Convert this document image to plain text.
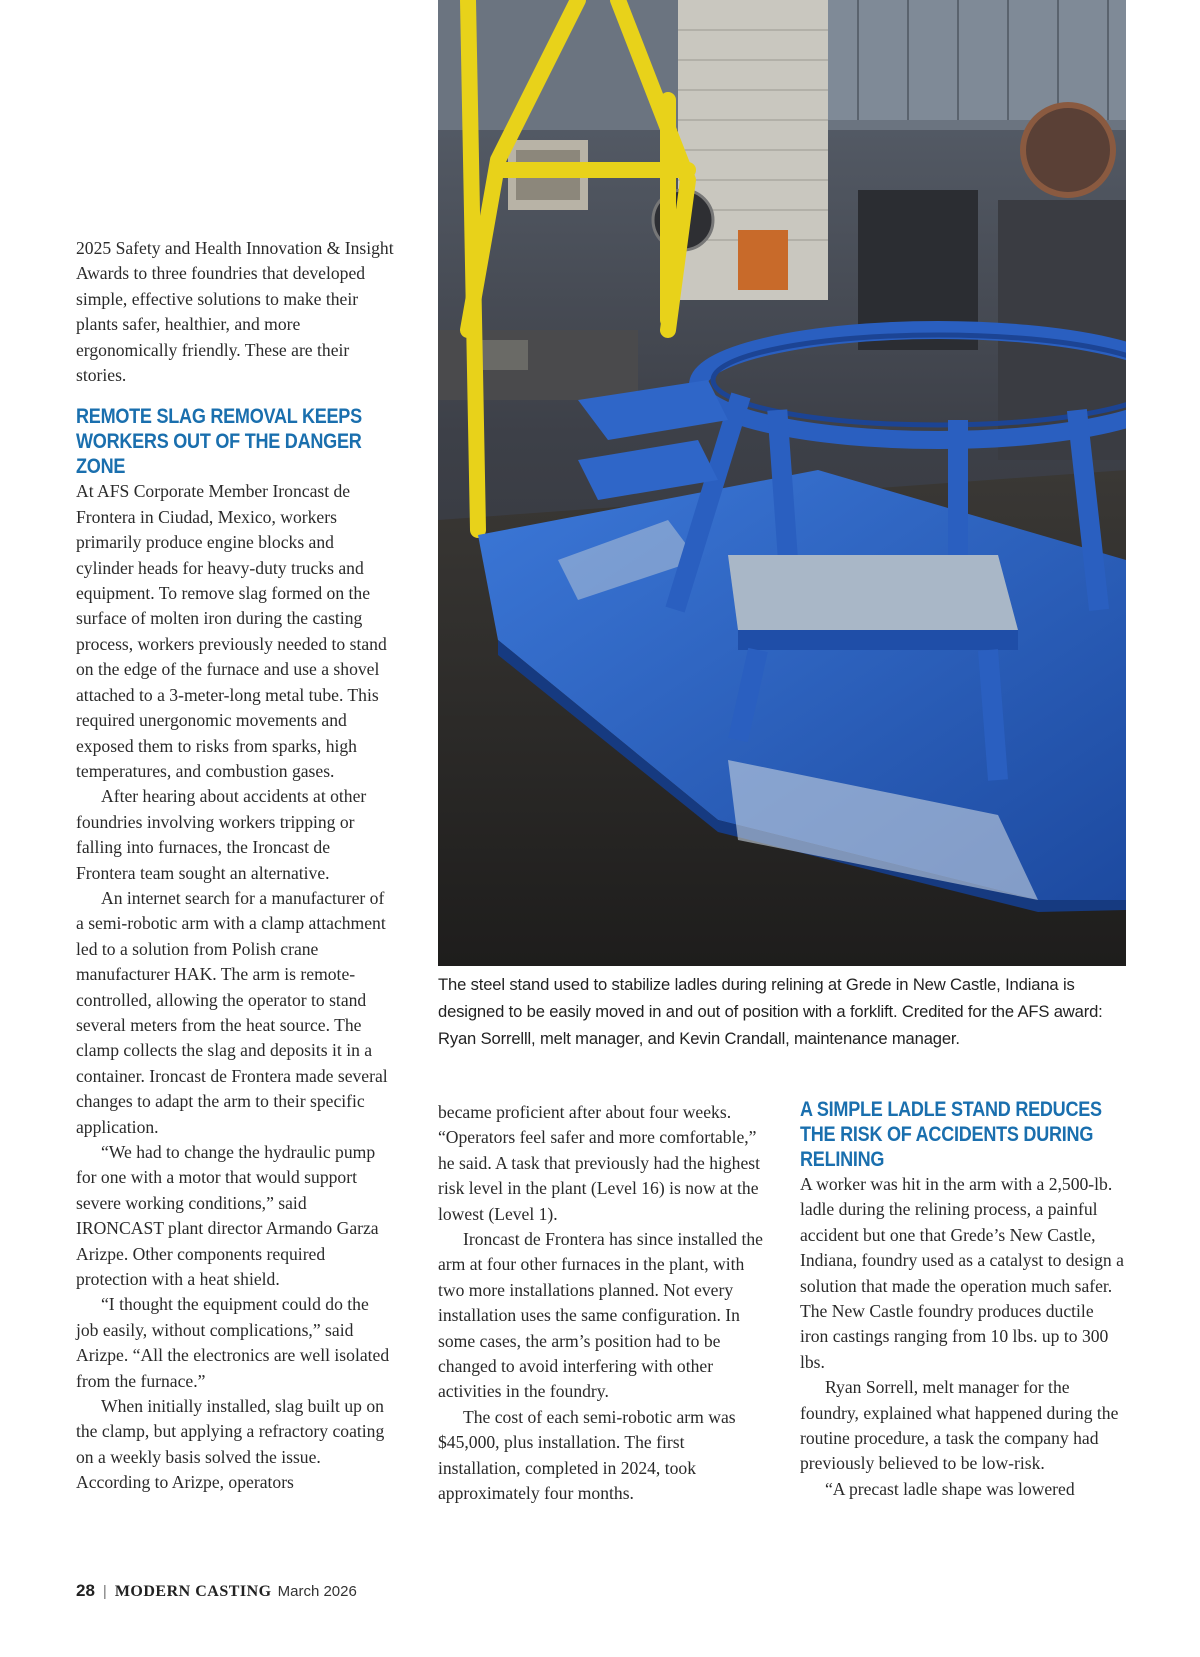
2025 Safety and Health Innovation & Insight Awards to three foundries that developed simple, effective solutions to make their plants safer, healthier, and more ergonomically friendly. These are their stories.

REMOTE SLAG REMOVAL KEEPS WORKERS OUT OF THE DANGER ZONE

At AFS Corporate Member Ironcast de Frontera in Ciudad, Mexico, workers primarily produce engine blocks and cylinder heads for heavy-duty trucks and equipment. To remove slag formed on the surface of molten iron during the casting process, workers previously needed to stand on the edge of the furnace and use a shovel attached to a 3-meter-long metal tube. This required unergonomic movements and exposed them to risks from sparks, high temperatures, and combustion gases.

After hearing about accidents at other foundries involving workers tripping or falling into furnaces, the Ironcast de Frontera team sought an alternative.

An internet search for a manufacturer of a semi-robotic arm with a clamp attachment led to a solution from Polish crane manufacturer HAK. The arm is remote-controlled, allowing the operator to stand several meters from the heat source. The clamp collects the slag and deposits it in a container. Ironcast de Frontera made several changes to adapt the arm to their specific application.

“We had to change the hydraulic pump for one with a motor that would support severe working conditions,” said IRONCAST plant director Armando Garza Arizpe. Other components required protection with a heat shield.

“I thought the equipment could do the job easily, without complications,” said Arizpe. “All the electronics are well isolated from the furnace.”

When initially installed, slag built up on the clamp, but applying a refractory coating on a weekly basis solved the issue. According to Arizpe, operators

The steel stand used to stabilize ladles during relining at Grede in New Castle, Indiana is designed to be easily moved in and out of position with a forklift. Credited for the AFS award: Ryan Sorrelll, melt manager, and Kevin Crandall, maintenance manager.

became proficient after about four weeks. “Operators feel safer and more comfortable,” he said. A task that previously had the highest risk level in the plant (Level 16) is now at the lowest (Level 1).

Ironcast de Frontera has since installed the arm at four other furnaces in the plant, with two more installations planned. Not every installation uses the same configuration. In some cases, the arm’s position had to be changed to avoid interfering with other activities in the foundry.

The cost of each semi-robotic arm was $45,000, plus installation. The first installation, completed in 2024, took approximately four months.

A SIMPLE LADLE STAND REDUCES THE RISK OF ACCIDENTS DURING RELINING

A worker was hit in the arm with a 2,500-lb. ladle during the relining process, a painful accident but one that Grede’s New Castle, Indiana, foundry used as a catalyst to design a solution that made the operation much safer. The New Castle foundry produces ductile iron castings ranging from 10 lbs. up to 300 lbs.

Ryan Sorrell, melt manager for the foundry, explained what happened during the routine procedure, a task the company had previously believed to be low-risk.

“A precast ladle shape was lowered

28 | MODERN CASTING March 2026
